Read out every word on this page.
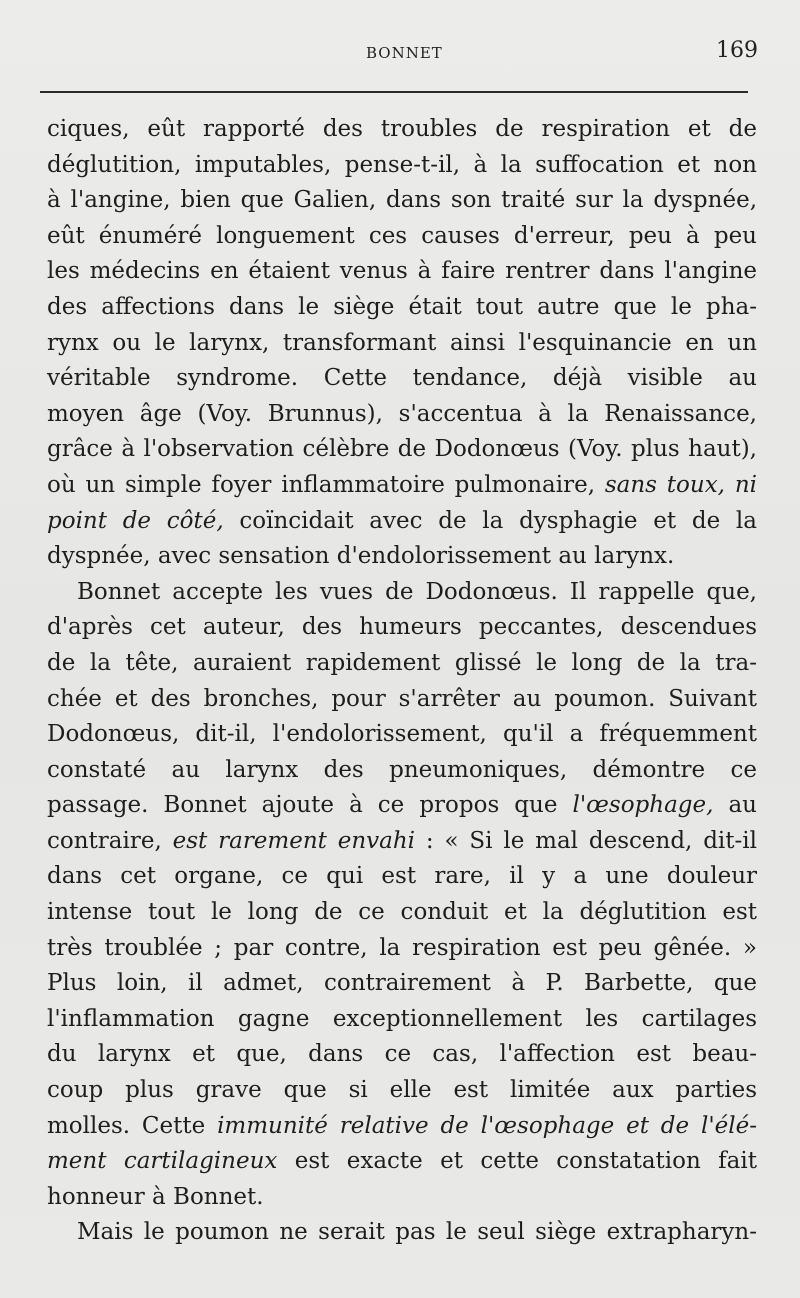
BONNET	169
ciques, eût rapporté des troubles de respiration et de
déglutition, imputables, pense-t-il, à la suffocation et non
à l'angine, bien que Galien, dans son traité sur la dyspnée,
eût énuméré longuement ces causes d'erreur, peu à peu
les médecins en étaient venus à faire rentrer dans l'angine
des affections dans le siège était tout autre que le pha-
rynx ou le larynx, transformant ainsi l'esquinancie en un
véritable syndrome. Cette tendance, déjà visible au
moyen âge (Voy. Brunnus), s'accentua à la Renaissance,
grâce à l'observation célèbre de Dodonœus (Voy. plus haut),
où un simple foyer inflammatoire pulmonaire, sans toux, ni
point de côté, coïncidait avec de la dysphagie et de la
dyspnée, avec sensation d'endolorissement au larynx.
Bonnet accepte les vues de Dodonœus. Il rappelle que,
d'après cet auteur, des humeurs peccantes, descendues
de la tête, auraient rapidement glissé le long de la tra-
chée et des bronches, pour s'arrêter au poumon. Suivant
Dodonœus, dit-il, l'endolorissement, qu'il a fréquemment
constaté au larynx des pneumoniques, démontre ce
passage. Bonnet ajoute à ce propos que l'œsophage, au
contraire, est rarement envahi : « Si le mal descend, dit-il
dans cet organe, ce qui est rare, il y a une douleur
intense tout le long de ce conduit et la déglutition est
très troublée ; par contre, la respiration est peu gênée. »
Plus loin, il admet, contrairement à P. Barbette, que
l'inflammation gagne exceptionnellement les cartilages
du larynx et que, dans ce cas, l'affection est beau-
coup plus grave que si elle est limitée aux parties
molles. Cette immunité relative de l'œsophage et de l'élé-
ment cartilagineux est exacte et cette constatation fait
honneur à Bonnet.
Mais le poumon ne serait pas le seul siège extrapharyn-
